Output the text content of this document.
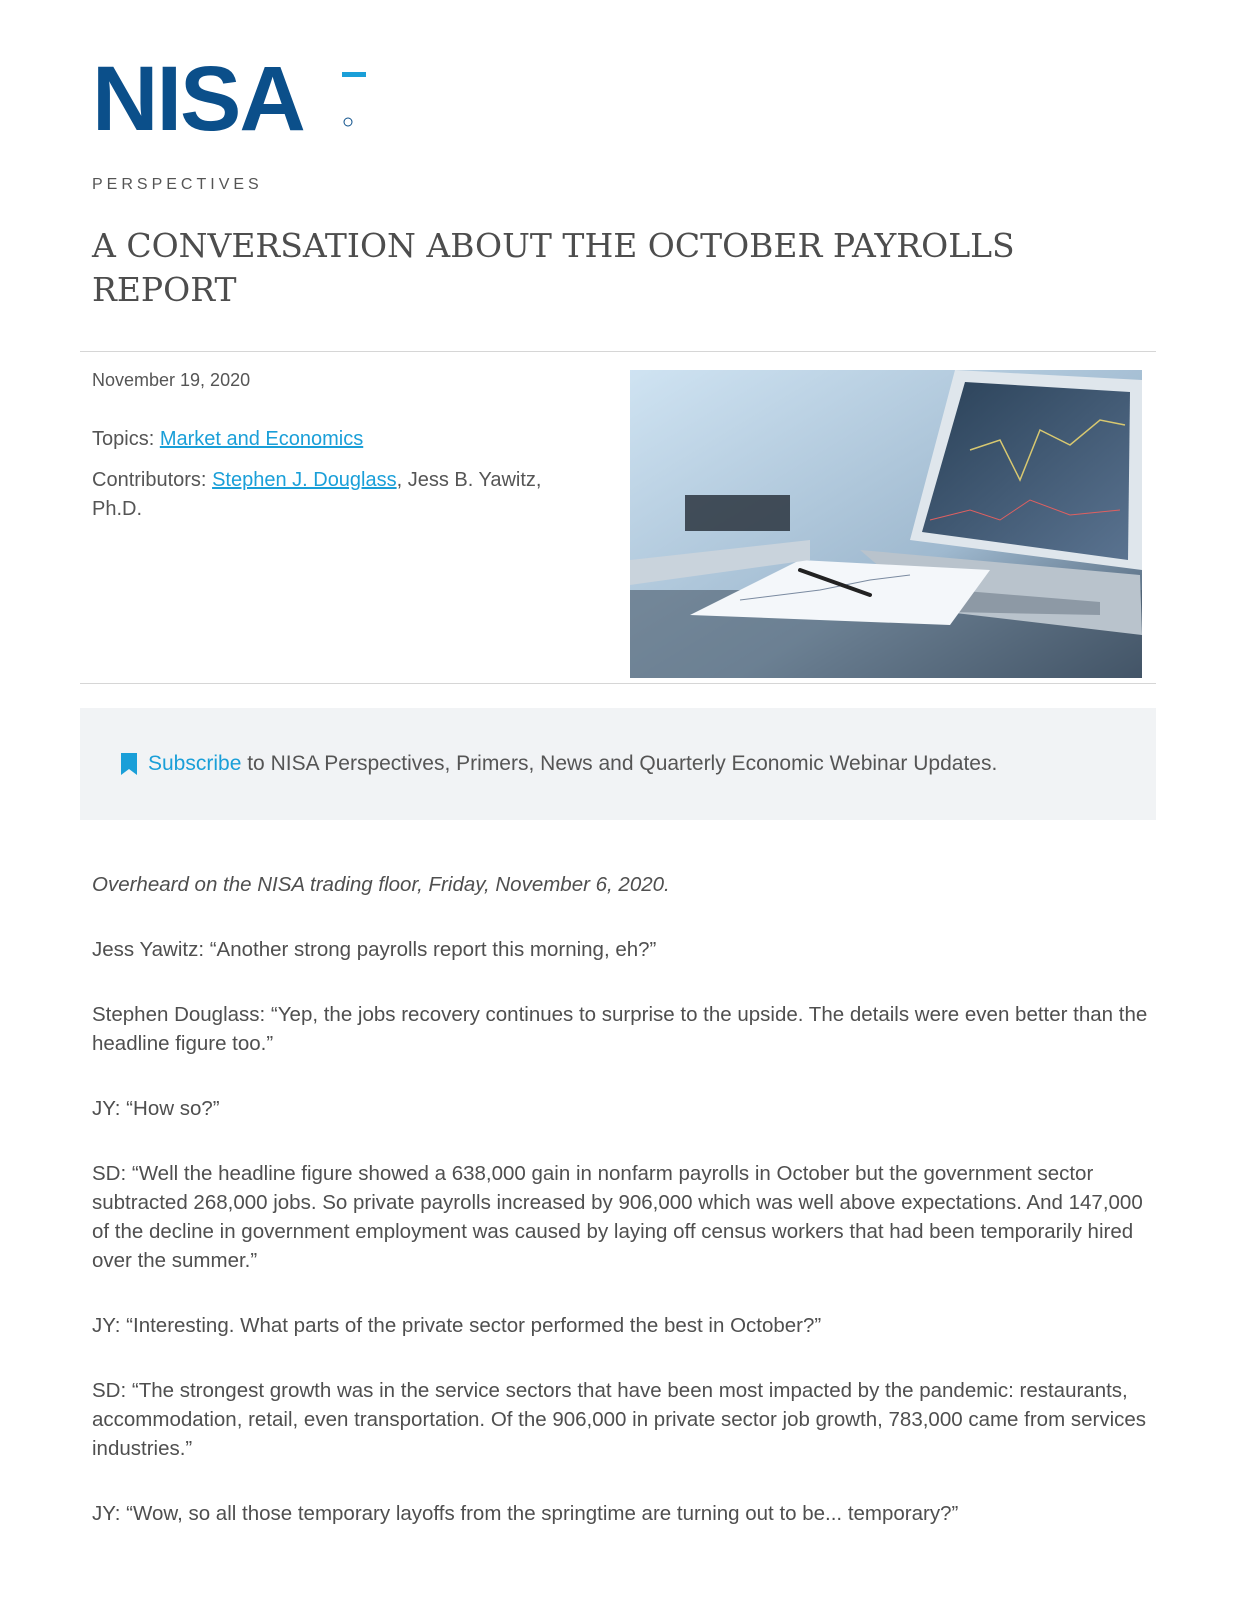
NISA
PERSPECTIVES
A CONVERSATION ABOUT THE OCTOBER PAYROLLS REPORT
November 19, 2020
Topics: Market and Economics
Contributors: Stephen J. Douglass, Jess B. Yawitz, Ph.D.
Subscribe to NISA Perspectives, Primers, News and Quarterly Economic Webinar Updates.

Overheard on the NISA trading floor, Friday, November 6, 2020.

Jess Yawitz: “Another strong payrolls report this morning, eh?”

Stephen Douglass: “Yep, the jobs recovery continues to surprise to the upside. The details were even better than the headline figure too.”

JY: “How so?”

SD: “Well the headline figure showed a 638,000 gain in nonfarm payrolls in October but the government sector subtracted 268,000 jobs. So private payrolls increased by 906,000 which was well above expectations. And 147,000 of the decline in government employment was caused by laying off census workers that had been temporarily hired over the summer.”

JY: “Interesting. What parts of the private sector performed the best in October?”

SD: “The strongest growth was in the service sectors that have been most impacted by the pandemic: restaurants, accommodation, retail, even transportation. Of the 906,000 in private sector job growth, 783,000 came from services industries.”

JY: “Wow, so all those temporary layoffs from the springtime are turning out to be... temporary?”
